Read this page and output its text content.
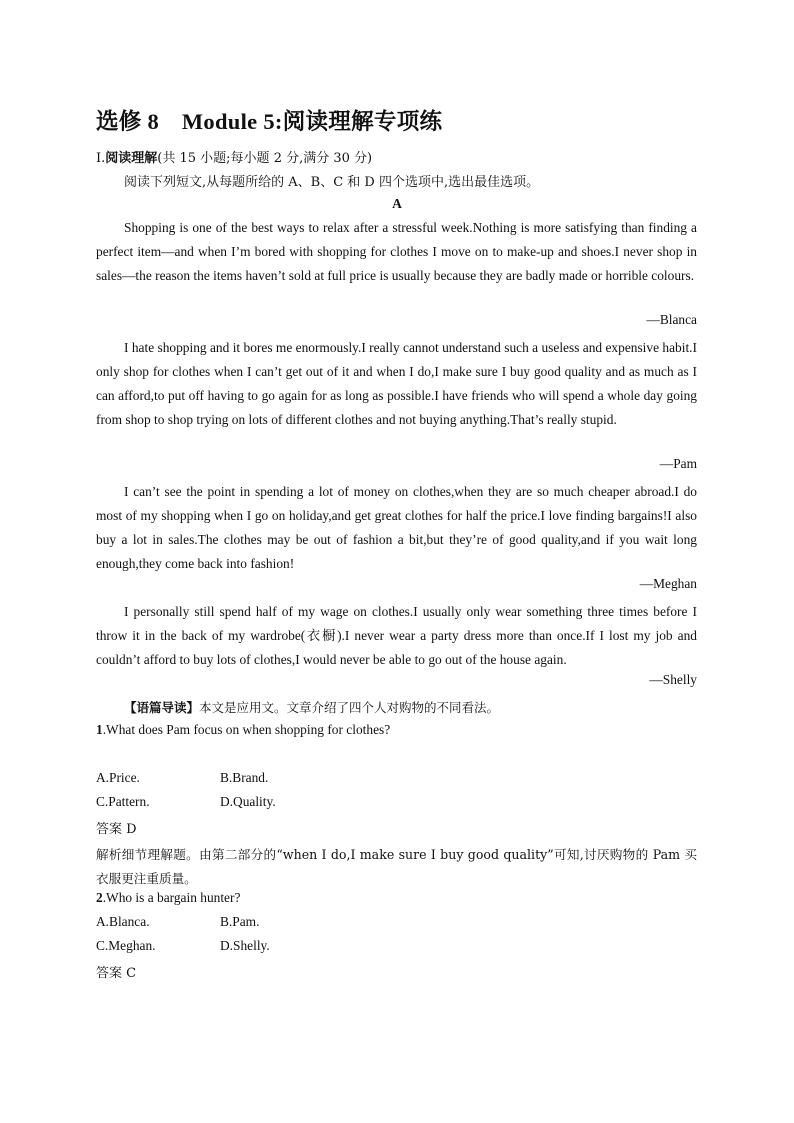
选修 8　Module 5:阅读理解专项练
Ⅰ.阅读理解(共 15 小题;每小题 2 分,满分 30 分)
阅读下列短文,从每题所给的 A、B、C 和 D 四个选项中,选出最佳选项。
A

Shopping is one of the best ways to relax after a stressful week.Nothing is more satisfying than finding a perfect item—and when I’m bored with shopping for clothes I move on to make-up and shoes.I never shop in sales—the reason the items haven’t sold at full price is usually because they are badly made or horrible colours.

—Blanca

I hate shopping and it bores me enormously.I really cannot understand such a useless and expensive habit.I only shop for clothes when I can’t get out of it and when I do,I make sure I buy good quality and as much as I can afford,to put off having to go again for as long as possible.I have friends who will spend a whole day going from shop to shop trying on lots of different clothes and not buying anything.That’s really stupid.

—Pam

I can’t see the point in spending a lot of money on clothes,when they are so much cheaper abroad.I do most of my shopping when I go on holiday,and get great clothes for half the price.I love finding bargains!I also buy a lot in sales.The clothes may be out of fashion a bit,but they’re of good quality,and if you wait long enough,they come back into fashion!

—Meghan

I personally still spend half of my wage on clothes.I usually only wear something three times before I throw it in the back of my wardrobe(衣橱).I never wear a party dress more than once.If I lost my job and couldn’t afford to buy lots of clothes,I would never be able to go out of the house again.

—Shelly
【语篇导读】本文是应用文。文章介绍了四个人对购物的不同看法。
1.What does Pam focus on when shopping for clothes?
A.Price.	B.Brand.
C.Pattern.	D.Quality.
答案 D

解析细节理解题。由第二部分的“when I do,I make sure I buy good quality”可知,讨厌购物的 Pam 买衣服更注重质量。

2.Who is a bargain hunter?
A.Blanca.	B.Pam.
C.Meghan.	D.Shelly.
答案 C
